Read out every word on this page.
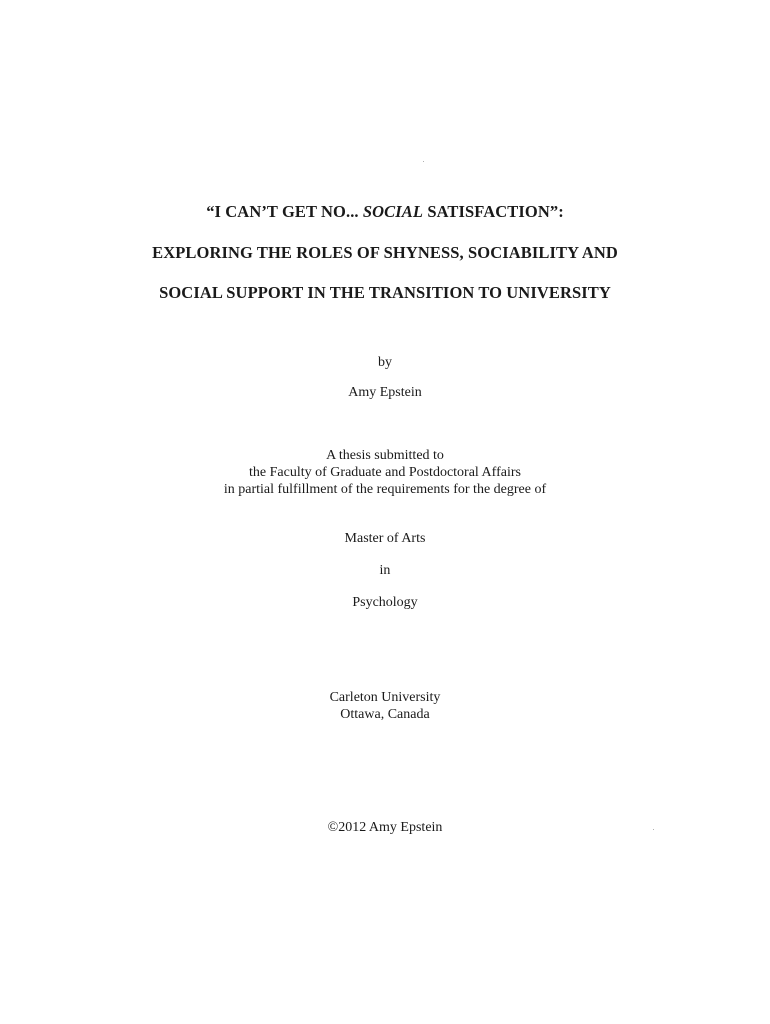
“I CAN’T GET NO... SOCIAL SATISFACTION”:
EXPLORING THE ROLES OF SHYNESS, SOCIABILITY AND
SOCIAL SUPPORT IN THE TRANSITION TO UNIVERSITY
by
Amy Epstein
A thesis submitted to
the Faculty of Graduate and Postdoctoral Affairs
in partial fulfillment of the requirements for the degree of
Master of Arts
in
Psychology
Carleton University
Ottawa, Canada
©2012 Amy Epstein
